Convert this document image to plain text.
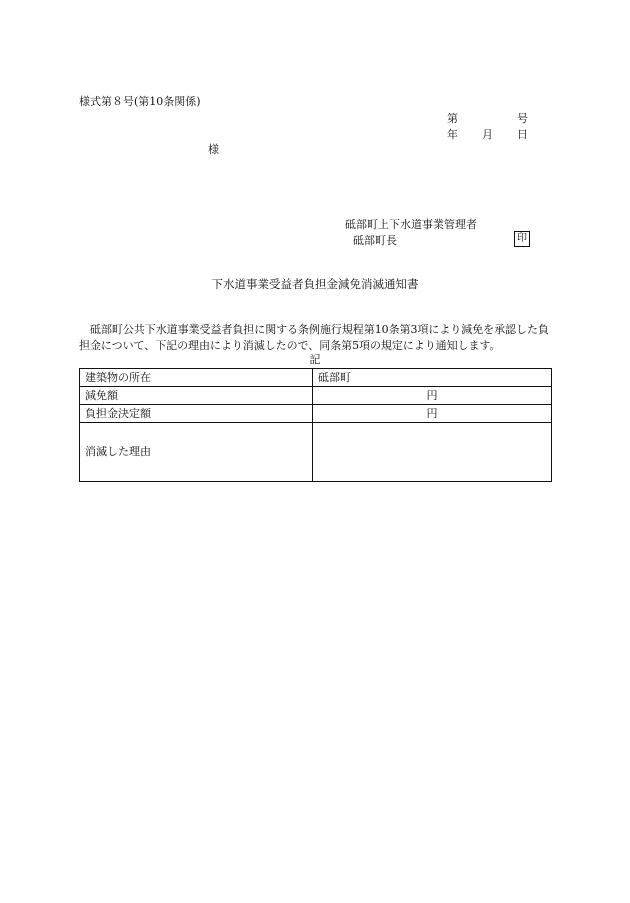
様式第８号(第10条関係)
第	号
年 月 日
様
砥部町上下水道事業管理者
砥部町長	印
下水道事業受益者負担金減免消滅通知書
砥部町公共下水道事業受益者負担に関する条例施行規程第10条第3項により減免を承認した負担金について、下記の理由により消滅したので、同条第5項の規定により通知します。
記
建築物の所在	砥部町
減免額	円
負担金決定額	円
消滅した理由	
